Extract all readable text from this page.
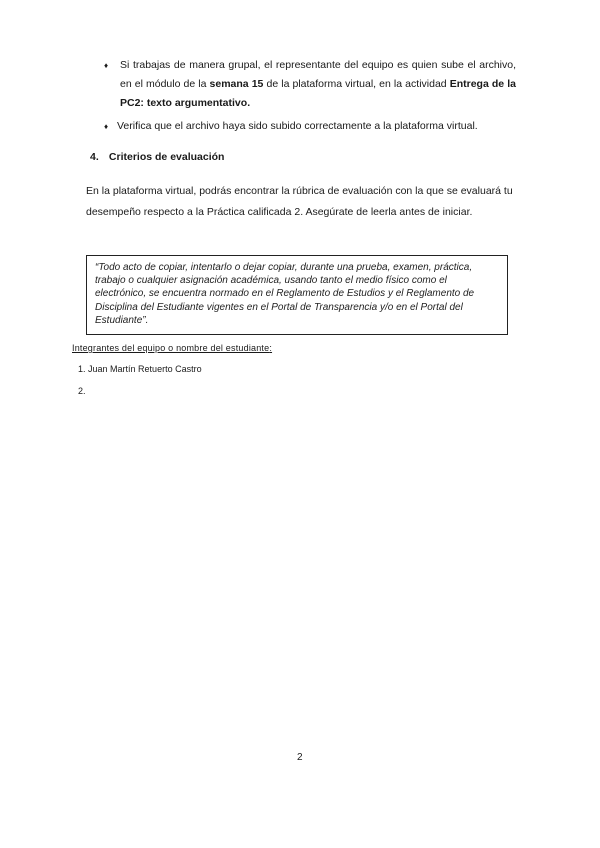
♦ Si trabajas de manera grupal, el representante del equipo es quien sube el archivo, en el módulo de la semana 15 de la plataforma virtual, en la actividad Entrega de la PC2: texto argumentativo.
♦ Verifica que el archivo haya sido subido correctamente a la plataforma virtual.
4. Criterios de evaluación
En la plataforma virtual, podrás encontrar la rúbrica de evaluación con la que se evaluará tu desempeño respecto a la Práctica calificada 2. Asegúrate de leerla antes de iniciar.
“Todo acto de copiar, intentarlo o dejar copiar, durante una prueba, examen, práctica, trabajo o cualquier asignación académica, usando tanto el medio físico como el electrónico, se encuentra normado en el Reglamento de Estudios y el Reglamento de Disciplina del Estudiante vigentes en el Portal de Transparencia y/o en el Portal del Estudiante”.
Integrantes del equipo o nombre del estudiante:
1. Juan Martín Retuerto Castro
2.
2
